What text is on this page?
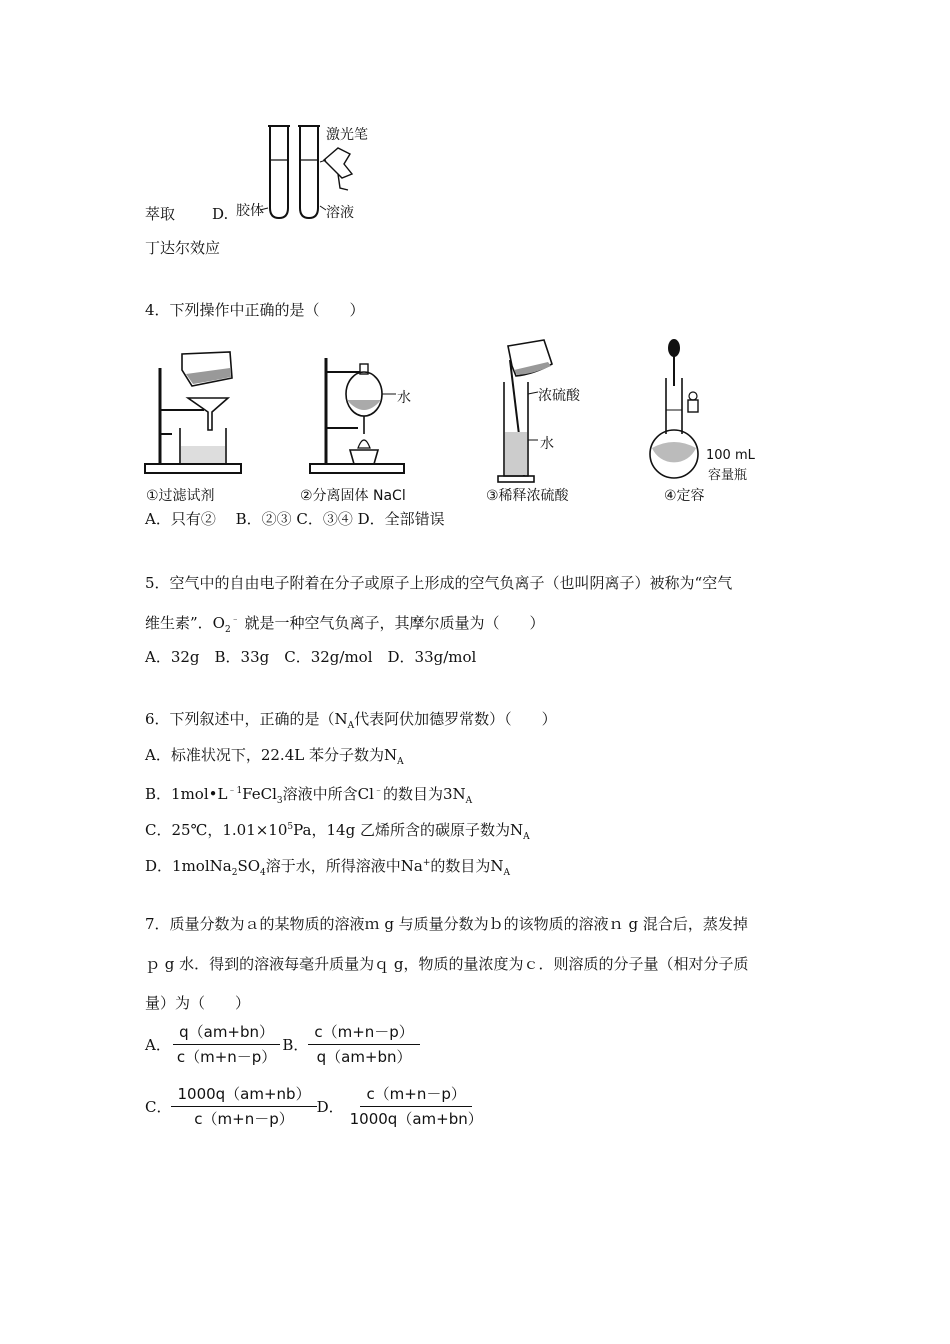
激光笔
胶体	溶液
萃取 D.
丁达尔效应
4．下列操作中正确的是（　　）
①过滤试剂
水
②分离固体 NaCl
浓硫酸
水
③稀释浓硫酸
100 mL
容量瓶
④定容
A．只有②　 B．②③ C．③④ D．全部错误
5．空气中的自由电子附着在分子或原子上形成的空气负离子（也叫阴离子）被称为“空气
维生素”．$O_2^﹣$ 就是一种空气负离子，其摩尔质量为（　　）
A．32g　B．33g　C．32g/mol　D．33g/mol
6．下列叙述中，正确的是（$N_A$代表阿伏加德罗常数）（　　）
A．标准状况下，22.4L 苯分子数为$N_A$
B．$1mol•L^{﹣1}FeCl_3$溶液中所含Cl﹣的数目为$3N_A$
C．25℃，$1.01\times 10^5Pa$，14g 乙烯所含的碳原子数为$N_A$
D．$1molNa_2SO_4$溶于水，所得溶液中Na+的数目为$N_A$
7．质量分数为ａ的某物质的溶液ｍ g 与质量分数为ｂ的该物质的溶液ｎ g 混合后，蒸发掉
ｐ g 水．得到的溶液每毫升质量为ｑ g，物质的量浓度为ｃ．则溶质的分子量（相对分子质
量）为（　　）
A． $\frac{q(am+bn)}{c(m+n-p)}$ B． $\frac{c(m+n-p)}{q(am+bn)}$
C． $\frac{1000q(am+nb)}{c(m+n-p)}$ D． $\frac{c(m+n-p)}{1000q(am+bn)}$
